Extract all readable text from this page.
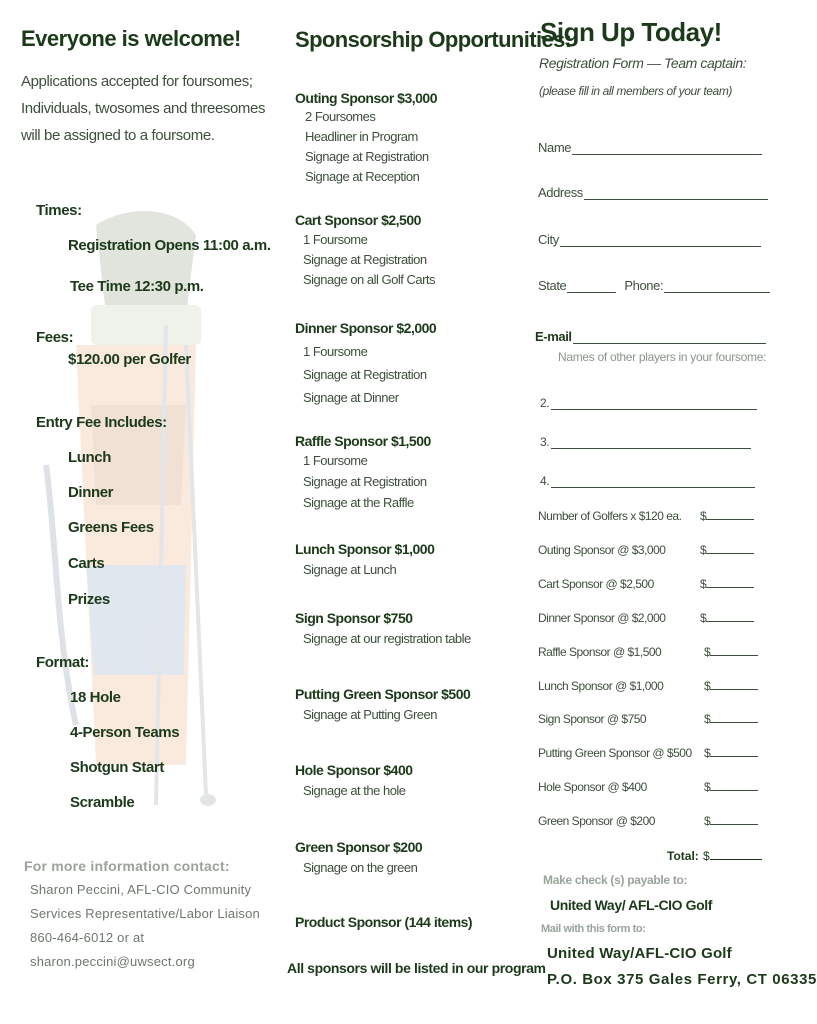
Everyone is welcome!
Applications accepted for foursomes; Individuals, twosomes and threesomes will be assigned to a foursome.
Times:
Registration Opens 11:00 a.m.
Tee Time 12:30 p.m.
Fees:
$120.00 per Golfer
Entry Fee Includes:
Lunch
Dinner
Greens Fees
Carts
Prizes
Format:
18 Hole
4-Person Teams
Shotgun Start
Scramble
For more information contact:
Sharon Peccini, AFL-CIO Community
Services Representative/Labor Liaison
860-464-6012 or at
sharon.peccini@uwsect.org
Sponsorship Opportunities:
Outing Sponsor $3,000
2 Foursomes
Headliner in Program
Signage at Registration
Signage at Reception
Cart Sponsor $2,500
1 Foursome
Signage at Registration
Signage on all Golf Carts
Dinner Sponsor $2,000
1 Foursome
Signage at Registration
Signage at Dinner
Raffle Sponsor $1,500
1 Foursome
Signage at Registration
Signage at the Raffle
Lunch Sponsor $1,000
Signage at Lunch
Sign Sponsor $750
Signage at our registration table
Putting Green Sponsor $500
Signage at Putting Green
Hole Sponsor $400
Signage at the hole
Green Sponsor $200
Signage on the green
Product Sponsor (144 items)
All sponsors will be listed in our program
Sign Up Today!
Registration Form — Team captain:
(please fill in all members of your team)
Name
Address
City
State	Phone:
E-mail
Names of other players in your foursome:
2.
3.
4.
Number of Golfers x $120 ea. $
Outing Sponsor @ $3,000	$
Cart Sponsor @ $2,500	$
Dinner Sponsor @ $2,000	$
Raffle Sponsor @ $1,500	$
Lunch Sponsor @ $1,000	$
Sign Sponsor @ $750	$
Putting Green Sponsor @ $500 $
Hole Sponsor @ $400	$
Green Sponsor @ $200	$
Total: $
Make check (s) payable to:
United Way/ AFL-CIO Golf
Mail with this form to:
United Way/AFL-CIO Golf
P.O. Box 375 Gales Ferry, CT 06335
